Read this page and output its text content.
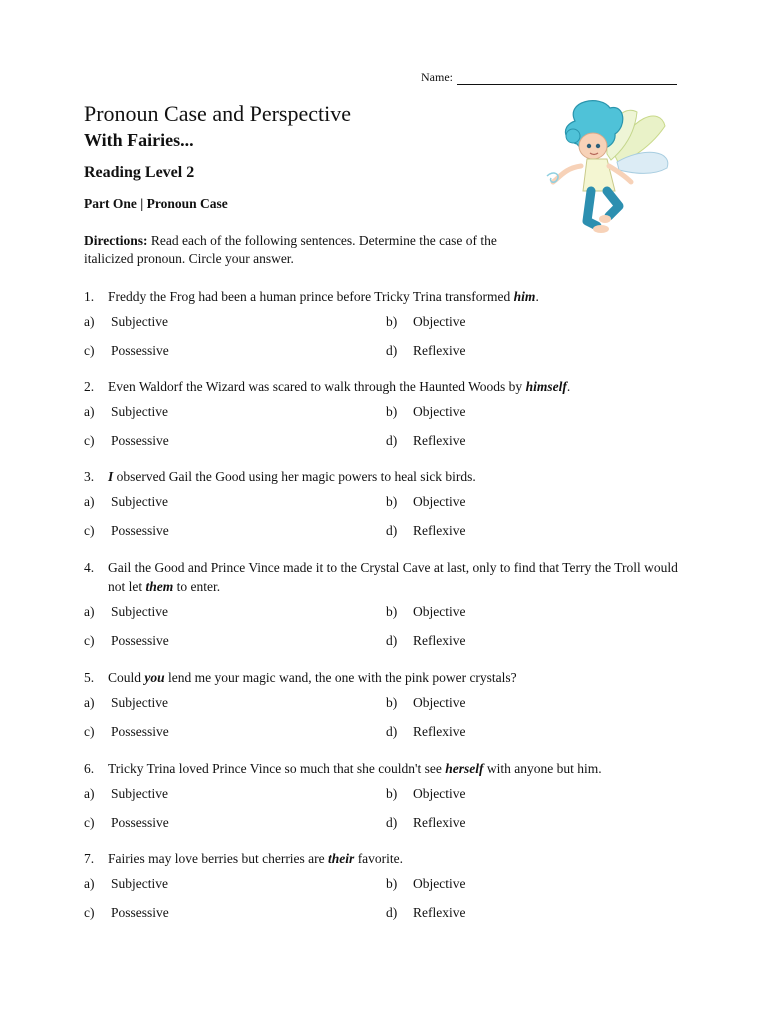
Name:
Pronoun Case and Perspective
With Fairies...
Reading Level 2
Part One | Pronoun Case
Directions: Read each of the following sentences. Determine the case of the italicized pronoun. Circle your answer.
1.	Freddy the Frog had been a human prince before Tricky Trina transformed him.
a)	Subjective	b)	Objective
c)	Possessive	d)	Reflexive
2.	Even Waldorf the Wizard was scared to walk through the Haunted Woods by himself.
a)	Subjective	b)	Objective
c)	Possessive	d)	Reflexive
3.	I observed Gail the Good using her magic powers to heal sick birds.
a)	Subjective	b)	Objective
c)	Possessive	d)	Reflexive
4.	Gail the Good and Prince Vince made it to the Crystal Cave at last, only to find that Terry the Troll would not let them to enter.
a)	Subjective	b)	Objective
c)	Possessive	d)	Reflexive
5.	Could you lend me your magic wand, the one with the pink power crystals?
a)	Subjective	b)	Objective
c)	Possessive	d)	Reflexive
6.	Tricky Trina loved Prince Vince so much that she couldn't see herself with anyone but him.
a)	Subjective	b)	Objective
c)	Possessive	d)	Reflexive
7.	Fairies may love berries but cherries are their favorite.
a)	Subjective	b)	Objective
c)	Possessive	d)	Reflexive
